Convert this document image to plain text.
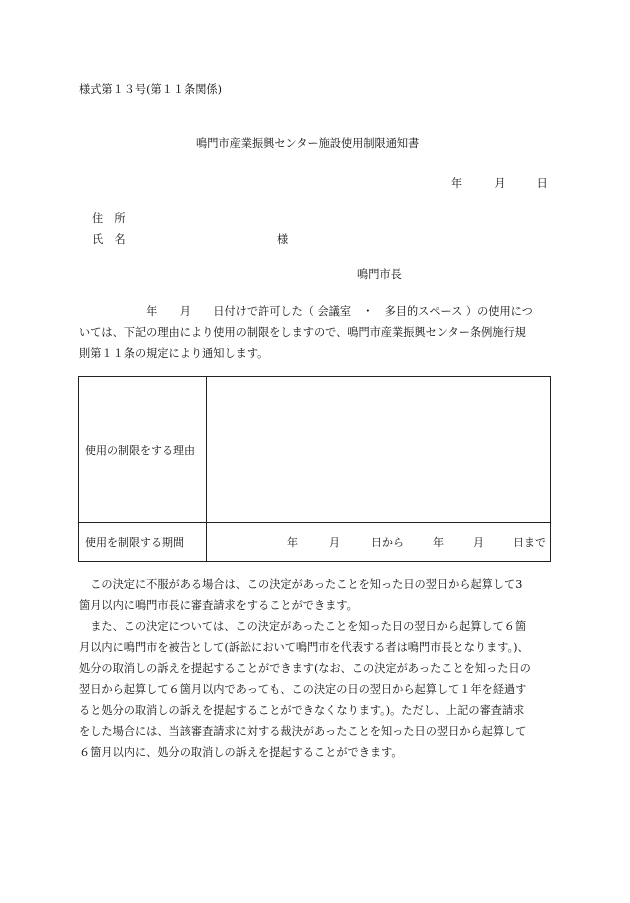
様式第１３号(第１１条関係)
鳴門市産業振興センター施設使用制限通知書
年	月	日
住　所
氏　名	様
鳴門市長
　　　　　　年　　月　　日付けで許可した（ 会議室　・　多目的スペース ）の使用につ
いては、下記の理由により使用の制限をしますので、鳴門市産業振興センター条例施行規
則第１１条の規定により通知します。
使用の制限をする理由	
使用を制限する期間	年 月 日から 年 月 日まで
　この決定に不服がある場合は、この決定があったことを知った日の翌日から起算して3
箇月以内に鳴門市長に審査請求をすることができます。
　また、この決定については、この決定があったことを知った日の翌日から起算して６箇
月以内に鳴門市を被告として(訴訟において鳴門市を代表する者は鳴門市長となります。)、
処分の取消しの訴えを提起することができます(なお、この決定があったことを知った日の
翌日から起算して６箇月以内であっても、この決定の日の翌日から起算して１年を経過す
ると処分の取消しの訴えを提起することができなくなります。)。ただし、上記の審査請求
をした場合には、当該審査請求に対する裁決があったことを知った日の翌日から起算して
６箇月以内に、処分の取消しの訴えを提起することができます。
